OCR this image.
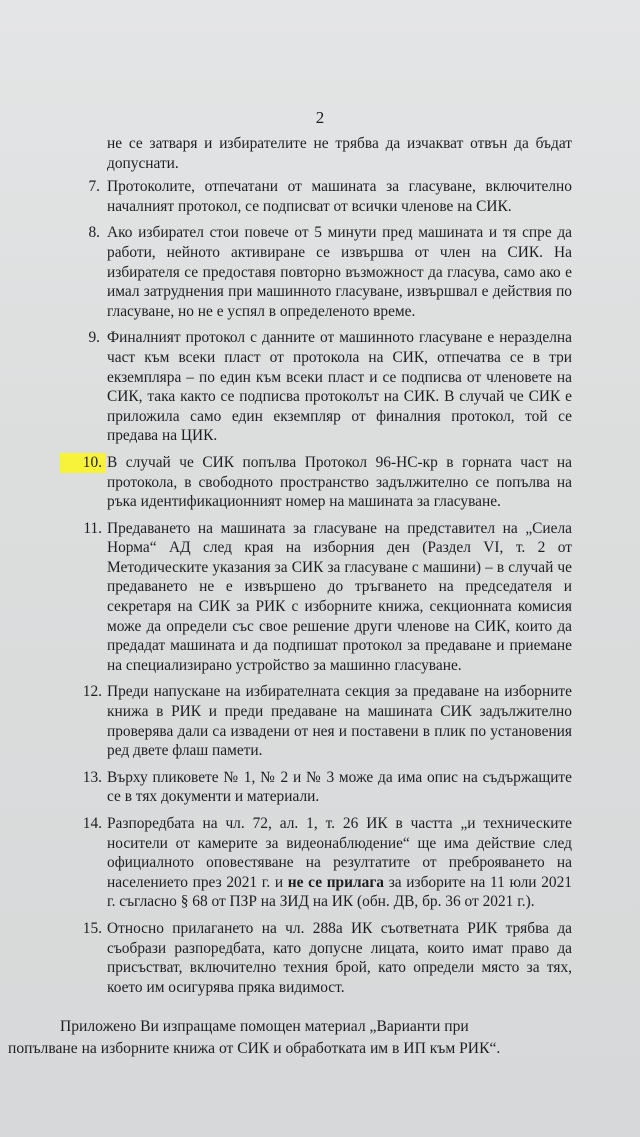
2

не се затваря и избирателите не трябва да изчакват отвън да бъдат допуснати.

7. Протоколите, отпечатани от машината за гласуване, включително началният протокол, се подписват от всички членове на СИК.

8. Ако избирател стои повече от 5 минути пред машината и тя спре да работи, нейното активиране се извършва от член на СИК. На избирателя се предоставя повторно възможност да гласува, само ако е имал затруднения при машинното гласуване, извършвал е действия по гласуване, но не е успял в определеното време.

9. Финалният протокол с данните от машинното гласуване е неразделна част към всеки пласт от протокола на СИК, отпечатва се в три екземпляра – по един към всеки пласт и се подписва от членовете на СИК, така както се подписва протоколът на СИК. В случай че СИК е приложила само един екземпляр от финалния протокол, той се предава на ЦИК.

10. В случай че СИК попълва Протокол 96-НС-кр в горната част на протокола, в свободното пространство задължително се попълва на ръка идентификационният номер на машината за гласуване.

11. Предаването на машината за гласуване на представител на „Сиела Норма“ АД след края на изборния ден (Раздел VI, т. 2 от Методическите указания за СИК за гласуване с машини) – в случай че предаването не е извършено до тръгването на председателя и секретаря на СИК за РИК с изборните книжа, секционната комисия може да определи със свое решение други членове на СИК, които да предадат машината и да подпишат протокол за предаване и приемане на специализирано устройство за машинно гласуване.

12. Преди напускане на избирателната секция за предаване на изборните книжа в РИК и преди предаване на машината СИК задължително проверява дали са извадени от нея и поставени в плик по установения ред двете флаш памети.

13. Върху пликовете № 1, № 2 и № 3 може да има опис на съдържащите се в тях документи и материали.

14. Разпоредбата на чл. 72, ал. 1, т. 26 ИК в частта „и техническите носители от камерите за видеонаблюдение“ ще има действие след официалното оповестяване на резултатите от преброяването на населението през 2021 г. и не се прилага за изборите на 11 юли 2021 г. съгласно § 68 от ПЗР на ЗИД на ИК (обн. ДВ, бр. 36 от 2021 г.).

15. Относно прилагането на чл. 288а ИК съответната РИК трябва да съобрази разпоредбата, като допусне лицата, които имат право да присъстват, включително техния брой, като определи място за тях, което им осигурява пряка видимост.

Приложено Ви изпращаме помощен материал „Варианти при

попълване на изборните книжа от СИК и обработката им в ИП към РИК“.
